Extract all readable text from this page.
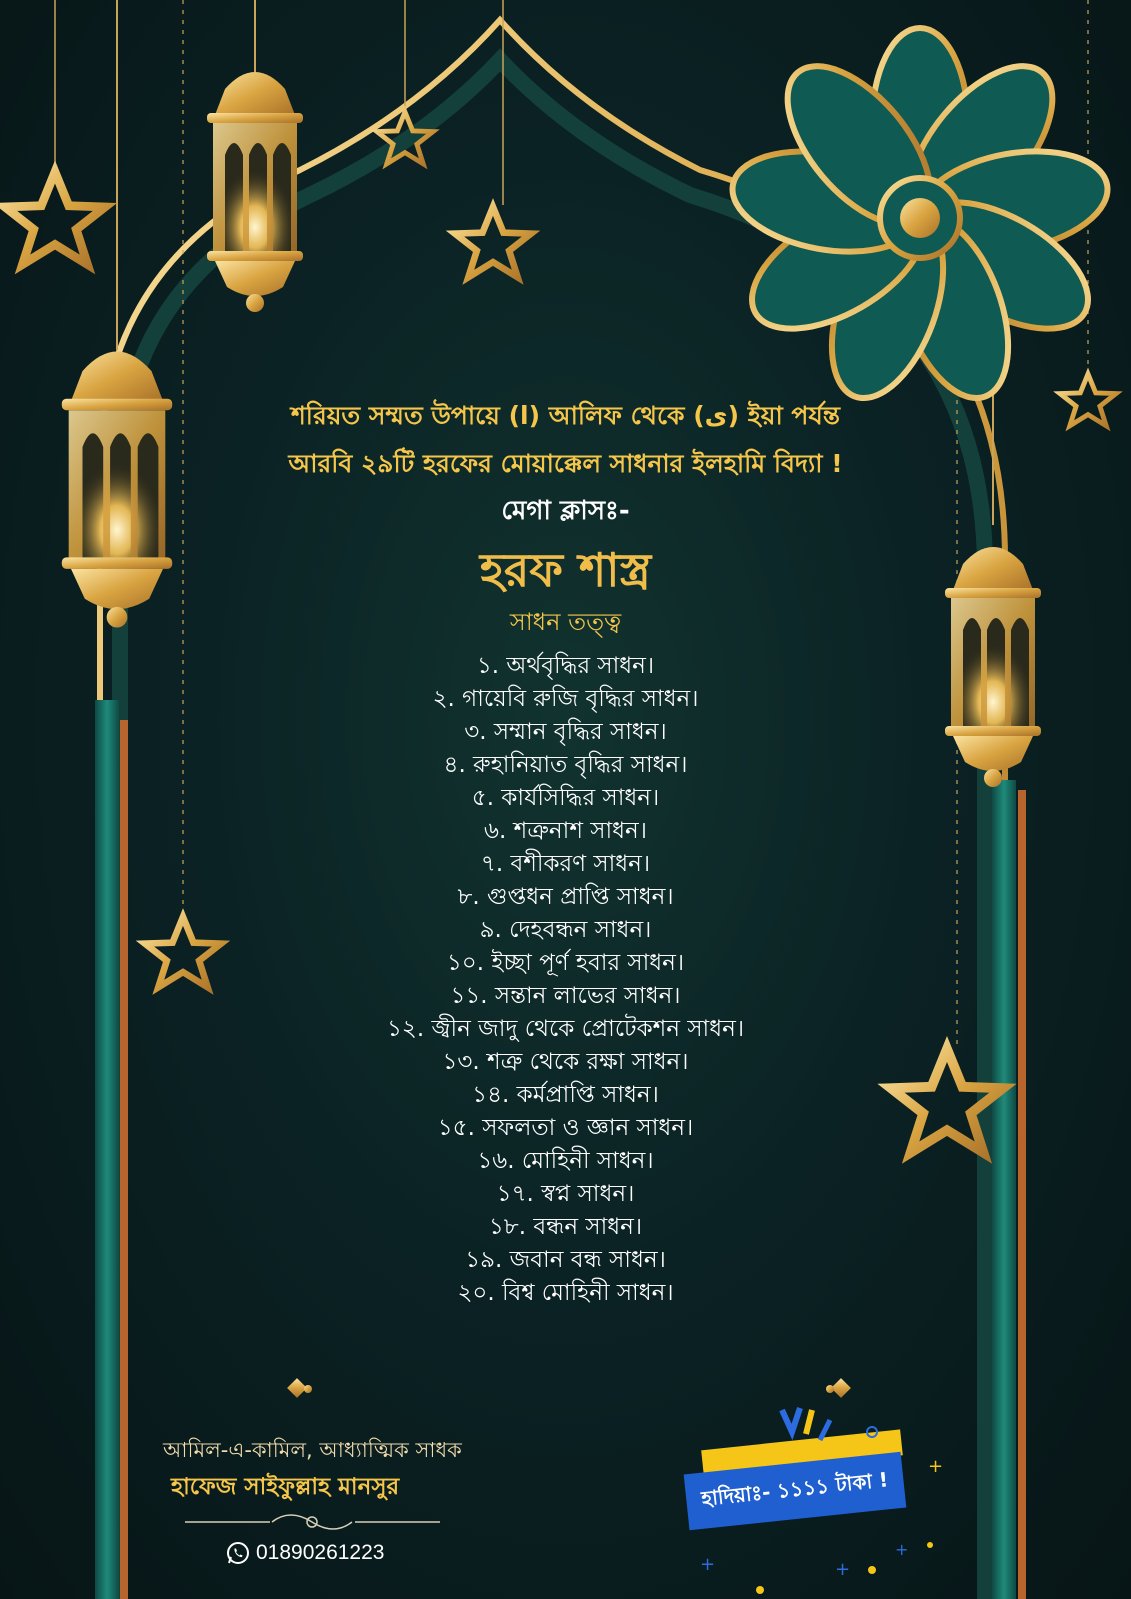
+
+
+	+
+
শরিয়ত সম্মত উপায়ে (ا) আলিফ থেকে (ى) ইয়া পর্যন্ত
আরবি ২৯টি হরফের মোয়াক্কেল সাধনার ইলহামি বিদ্যা !
মেগা ক্লাসঃ-
হরফ শাস্ত্র
সাধন তত্ত্ব
১. অর্থবৃদ্ধির সাধন।
২. গায়েবি রুজি বৃদ্ধির সাধন।
৩. সম্মান বৃদ্ধির সাধন।
৪. রুহানিয়াত বৃদ্ধির সাধন।
৫. কার্যসিদ্ধির সাধন।
৬. শত্রুনাশ সাধন।
৭. বশীকরণ সাধন।
৮. গুপ্তধন প্রাপ্তি সাধন।
৯. দেহবন্ধন সাধন।
১০. ইচ্ছা পূর্ণ হবার সাধন।
১১. সন্তান লাভের সাধন।
১২. জ্বীন জাদু থেকে প্রোটেকশন সাধন।
১৩. শত্রু থেকে রক্ষা সাধন।
১৪. কর্মপ্রাপ্তি সাধন।
১৫. সফলতা ও জ্ঞান সাধন।
১৬. মোহিনী সাধন।
১৭. স্বপ্ন সাধন।
১৮. বন্ধন সাধন।
১৯. জবান বন্ধ সাধন।
২০. বিশ্ব মোহিনী সাধন।
আমিল-এ-কামিল, আধ্যাত্মিক সাধক
হাফেজ সাইফুল্লাহ মানসুর
01890261223
হাদিয়াঃ- ১১১১ টাকা !
